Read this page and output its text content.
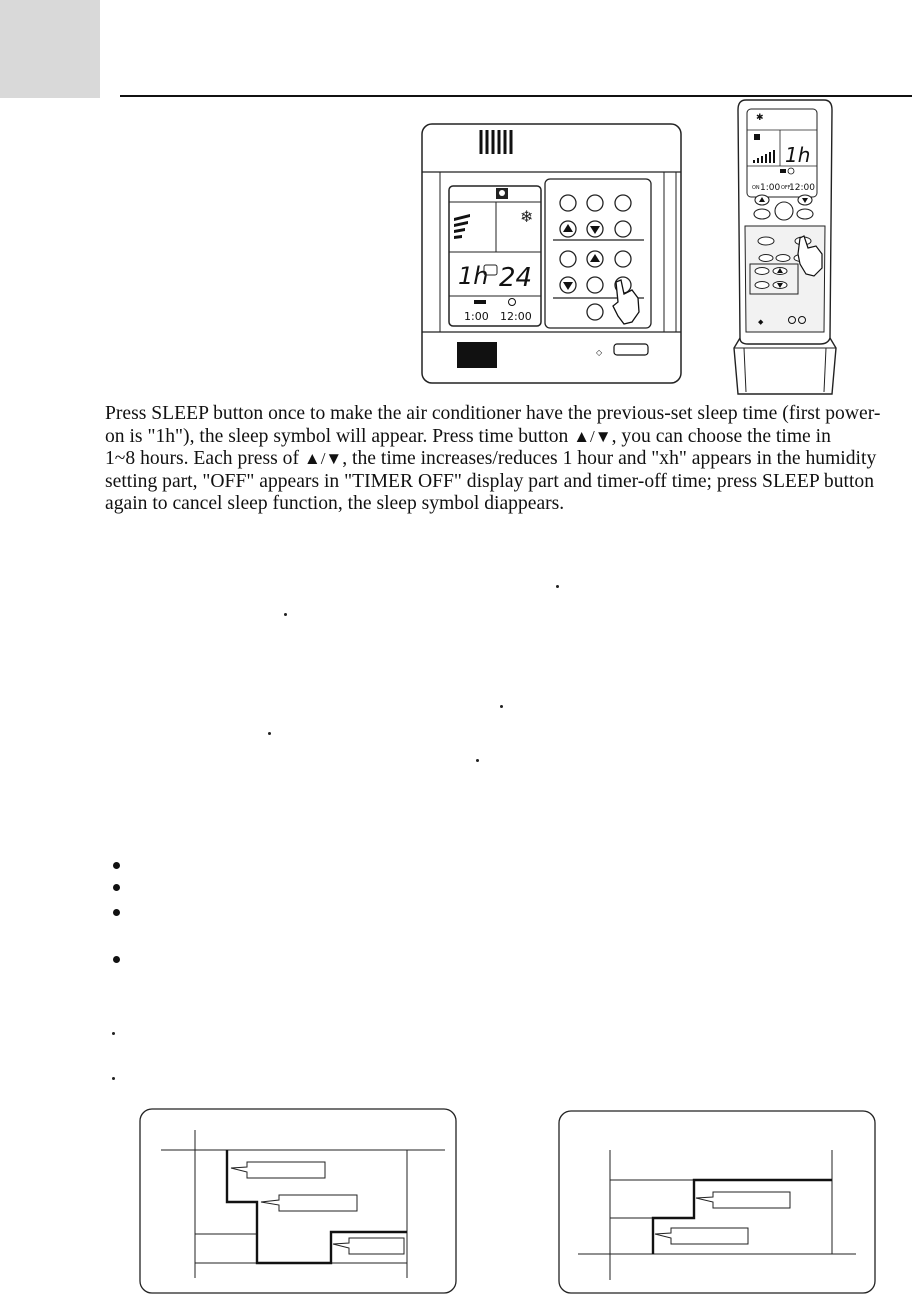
❄
1h 24
1:00 12:00
◇
✱
1h
ON 1:00 OFF
12:00
◆
Press SLEEP button once to make the air conditioner have the previous-set sleep time (first power-
on is "1h"), the sleep symbol will appear. Press time button ▲/▼, you can choose the time in
1~8 hours. Each press of ▲/▼, the time increases/reduces 1 hour and "xh" appears in the humidity
setting part, "OFF" appears in "TIMER OFF" display part and timer-off time; press SLEEP button
again to cancel sleep function, the sleep symbol diappears.
